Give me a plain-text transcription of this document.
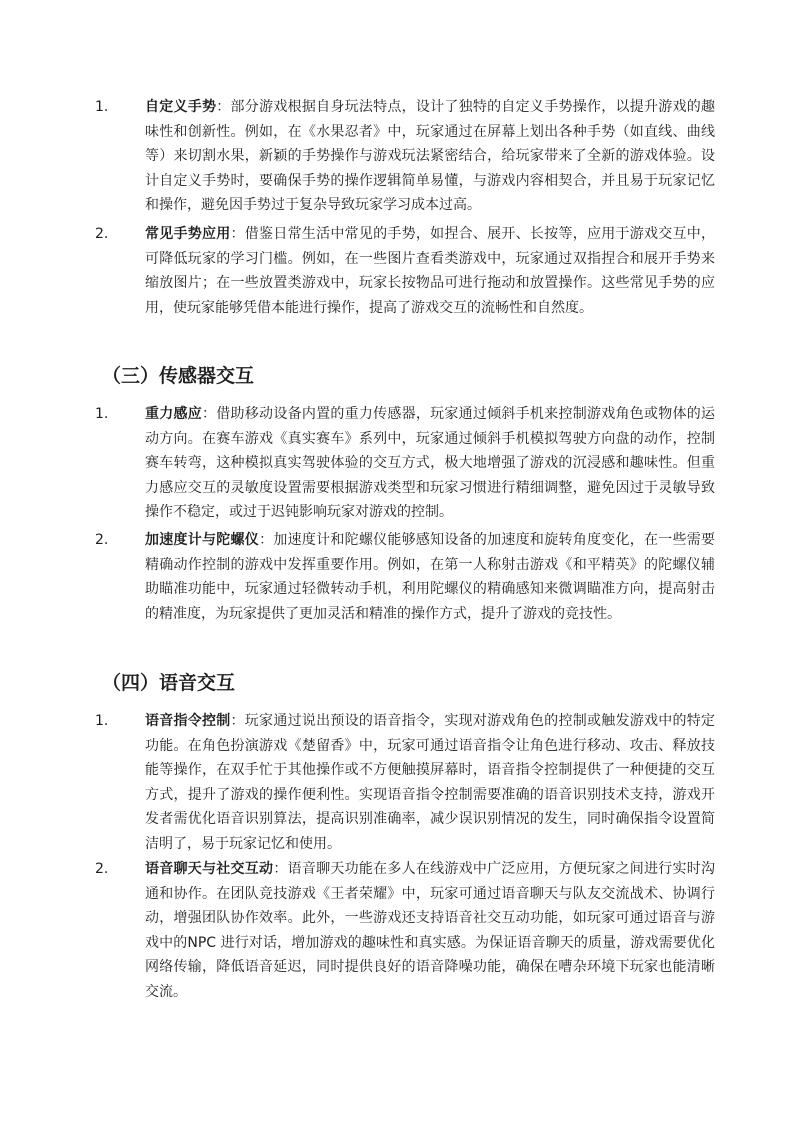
1.	自定义手势：部分游戏根据自身玩法特点，设计了独特的自定义手势操作，以提升游戏的趣味性和创新性。例如，在《水果忍者》中，玩家通过在屏幕上划出各种手势（如直线、曲线等）来切割水果，新颖的手势操作与游戏玩法紧密结合，给玩家带来了全新的游戏体验。设计自定义手势时，要确保手势的操作逻辑简单易懂，与游戏内容相契合，并且易于玩家记忆和操作，避免因手势过于复杂导致玩家学习成本过高。
2.	常见手势应用：借鉴日常生活中常见的手势，如捏合、展开、长按等，应用于游戏交互中，可降低玩家的学习门槛。例如，在一些图片查看类游戏中，玩家通过双指捏合和展开手势来缩放图片；在一些放置类游戏中，玩家长按物品可进行拖动和放置操作。这些常见手势的应用，使玩家能够凭借本能进行操作，提高了游戏交互的流畅性和自然度。
（三）传感器交互
1.	重力感应：借助移动设备内置的重力传感器，玩家通过倾斜手机来控制游戏角色或物体的运动方向。在赛车游戏《真实赛车》系列中，玩家通过倾斜手机模拟驾驶方向盘的动作，控制赛车转弯，这种模拟真实驾驶体验的交互方式，极大地增强了游戏的沉浸感和趣味性。但重力感应交互的灵敏度设置需要根据游戏类型和玩家习惯进行精细调整，避免因过于灵敏导致操作不稳定，或过于迟钝影响玩家对游戏的控制。
2.	加速度计与陀螺仪：加速度计和陀螺仪能够感知设备的加速度和旋转角度变化，在一些需要精确动作控制的游戏中发挥重要作用。例如，在第一人称射击游戏《和平精英》的陀螺仪辅助瞄准功能中，玩家通过轻微转动手机，利用陀螺仪的精确感知来微调瞄准方向，提高射击的精准度，为玩家提供了更加灵活和精准的操作方式，提升了游戏的竞技性。
（四）语音交互
1.	语音指令控制：玩家通过说出预设的语音指令，实现对游戏角色的控制或触发游戏中的特定功能。在角色扮演游戏《楚留香》中，玩家可通过语音指令让角色进行移动、攻击、释放技能等操作，在双手忙于其他操作或不方便触摸屏幕时，语音指令控制提供了一种便捷的交互方式，提升了游戏的操作便利性。实现语音指令控制需要准确的语音识别技术支持，游戏开发者需优化语音识别算法，提高识别准确率，减少误识别情况的发生，同时确保指令设置简洁明了，易于玩家记忆和使用。
2.	语音聊天与社交互动：语音聊天功能在多人在线游戏中广泛应用，方便玩家之间进行实时沟通和协作。在团队竞技游戏《王者荣耀》中，玩家可通过语音聊天与队友交流战术、协调行动，增强团队协作效率。此外，一些游戏还支持语音社交互动功能，如玩家可通过语音与游戏中的NPC 进行对话，增加游戏的趣味性和真实感。为保证语音聊天的质量，游戏需要优化网络传输，降低语音延迟，同时提供良好的语音降噪功能，确保在嘈杂环境下玩家也能清晰交流。
